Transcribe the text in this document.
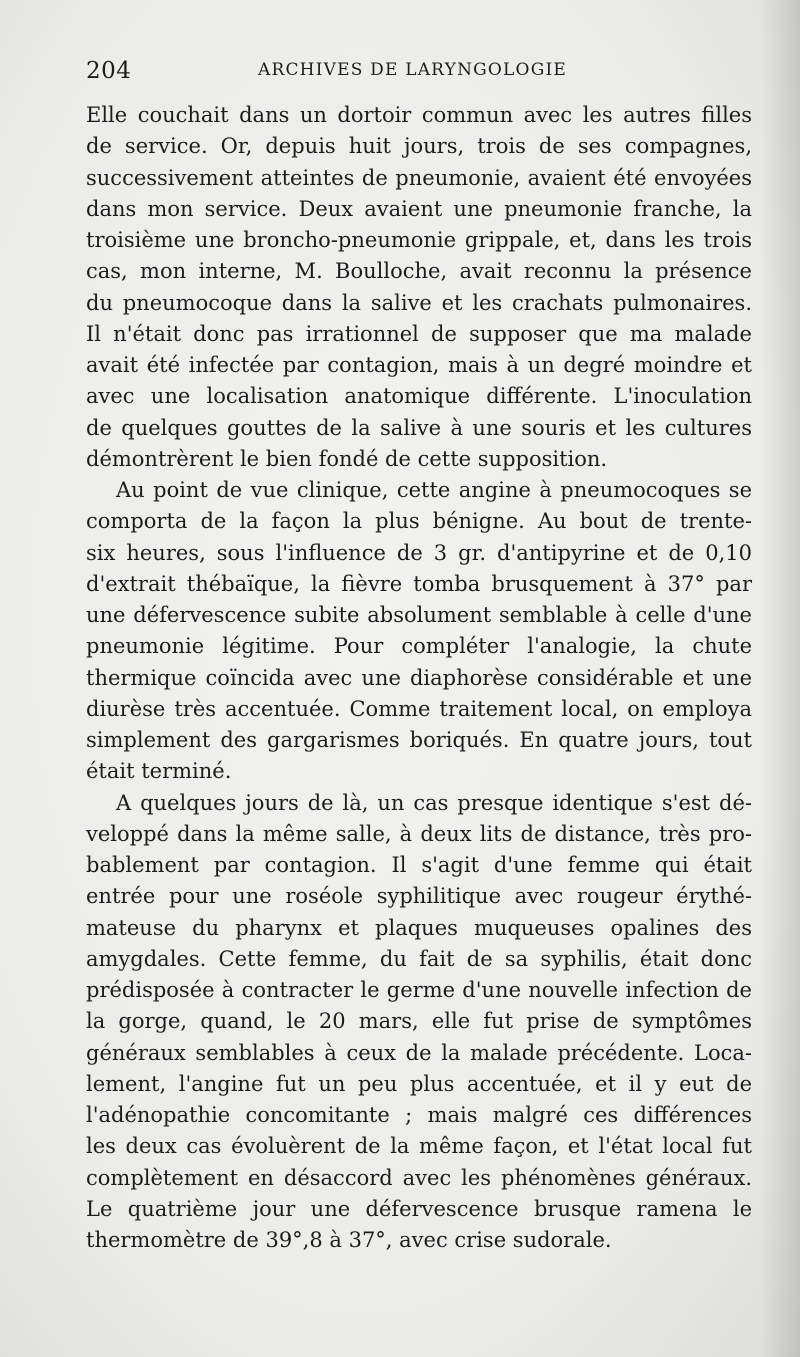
204	ARCHIVES DE LARYNGOLOGIE
Elle couchait dans un dortoir commun avec les autres filles
de service. Or, depuis huit jours, trois de ses compagnes,
successivement atteintes de pneumonie, avaient été envoyées
dans mon service. Deux avaient une pneumonie franche, la
troisième une broncho-pneumonie grippale, et, dans les trois
cas, mon interne, M. Boulloche, avait reconnu la présence
du pneumocoque dans la salive et les crachats pulmonaires.
Il n'était donc pas irrationnel de supposer que ma malade
avait été infectée par contagion, mais à un degré moindre et
avec une localisation anatomique différente. L'inoculation
de quelques gouttes de la salive à une souris et les cultures
démontrèrent le bien fondé de cette supposition.
Au point de vue clinique, cette angine à pneumocoques se
comporta de la façon la plus bénigne. Au bout de trente-
six heures, sous l'influence de 3 gr. d'antipyrine et de 0,10
d'extrait thébaïque, la fièvre tomba brusquement à 37° par
une défervescence subite absolument semblable à celle d'une
pneumonie légitime. Pour compléter l'analogie, la chute
thermique coïncida avec une diaphorèse considérable et une
diurèse très accentuée. Comme traitement local, on employa
simplement des gargarismes boriqués. En quatre jours, tout
était terminé.
A quelques jours de là, un cas presque identique s'est dé-
veloppé dans la même salle, à deux lits de distance, très pro-
bablement par contagion. Il s'agit d'une femme qui était
entrée pour une roséole syphilitique avec rougeur érythé-
mateuse du pharynx et plaques muqueuses opalines des
amygdales. Cette femme, du fait de sa syphilis, était donc
prédisposée à contracter le germe d'une nouvelle infection de
la gorge, quand, le 20 mars, elle fut prise de symptômes
généraux semblables à ceux de la malade précédente. Loca-
lement, l'angine fut un peu plus accentuée, et il y eut de
l'adénopathie concomitante ; mais malgré ces différences
les deux cas évoluèrent de la même façon, et l'état local fut
complètement en désaccord avec les phénomènes généraux.
Le quatrième jour une défervescence brusque ramena le
thermomètre de 39°,8 à 37°, avec crise sudorale.
